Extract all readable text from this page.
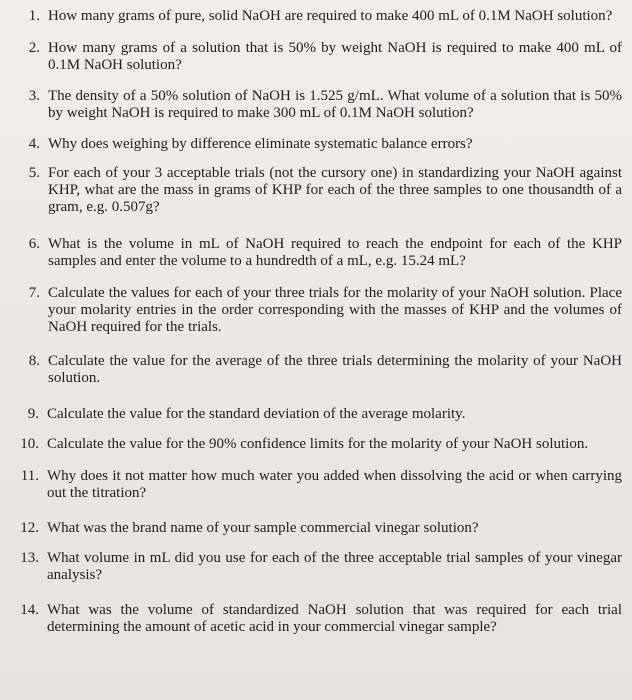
1. How many grams of pure, solid NaOH are required to make 400 mL of 0.1M NaOH solution?
2. How many grams of a solution that is 50% by weight NaOH is required to make 400 mL of 0.1M NaOH solution?
3. The density of a 50% solution of NaOH is 1.525 g/mL. What volume of a solution that is 50% by weight NaOH is required to make 300 mL of 0.1M NaOH solution?
4. Why does weighing by difference eliminate systematic balance errors?
5. For each of your 3 acceptable trials (not the cursory one) in standardizing your NaOH against KHP, what are the mass in grams of KHP for each of the three samples to one thousandth of a gram, e.g. 0.507g?
6. What is the volume in mL of NaOH required to reach the endpoint for each of the KHP samples and enter the volume to a hundredth of a mL, e.g. 15.24 mL?
7. Calculate the values for each of your three trials for the molarity of your NaOH solution. Place your molarity entries in the order corresponding with the masses of KHP and the volumes of NaOH required for the trials.
8. Calculate the value for the average of the three trials determining the molarity of your NaOH solution.
9. Calculate the value for the standard deviation of the average molarity.
10. Calculate the value for the 90% confidence limits for the molarity of your NaOH solution.
11. Why does it not matter how much water you added when dissolving the acid or when carrying out the titration?
12. What was the brand name of your sample commercial vinegar solution?
13. What volume in mL did you use for each of the three acceptable trial samples of your vinegar analysis?
14. What was the volume of standardized NaOH solution that was required for each trial determining the amount of acetic acid in your commercial vinegar sample?
